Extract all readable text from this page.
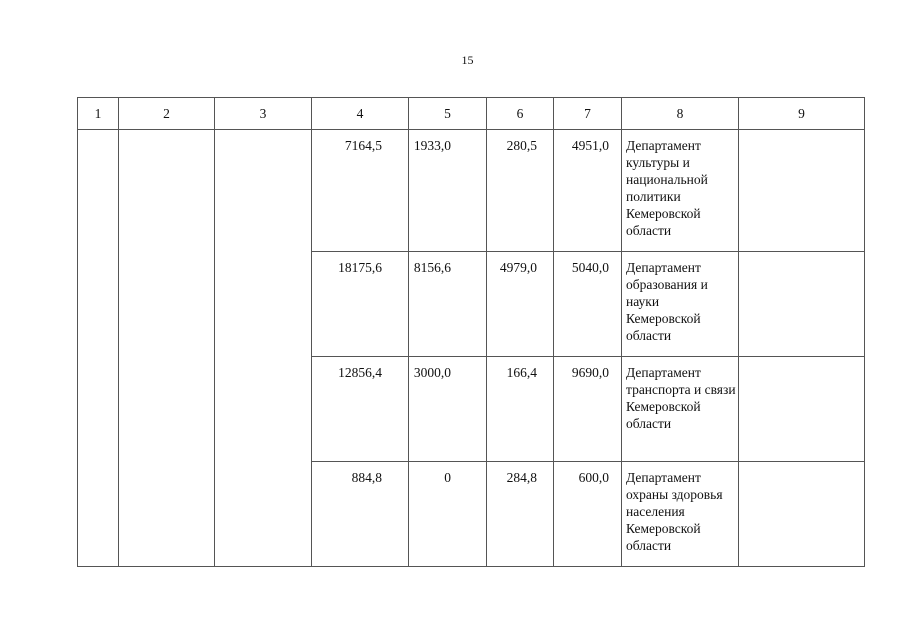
15
1	2	3	4	5	6	7	8	9
			7164,5	1933,0	280,5	4951,0	Департамент культуры и национальной политики Кемеровской области	

			18175,6	8156,6	4979,0	5040,0	Департамент образования и науки Кемеровской области	

			12856,4	3000,0	166,4	9690,0	Департамент транспорта и связи Кемеровской области	

			884,8	0	284,8	600,0	Департамент охраны здоровья населения Кемеровской области	
